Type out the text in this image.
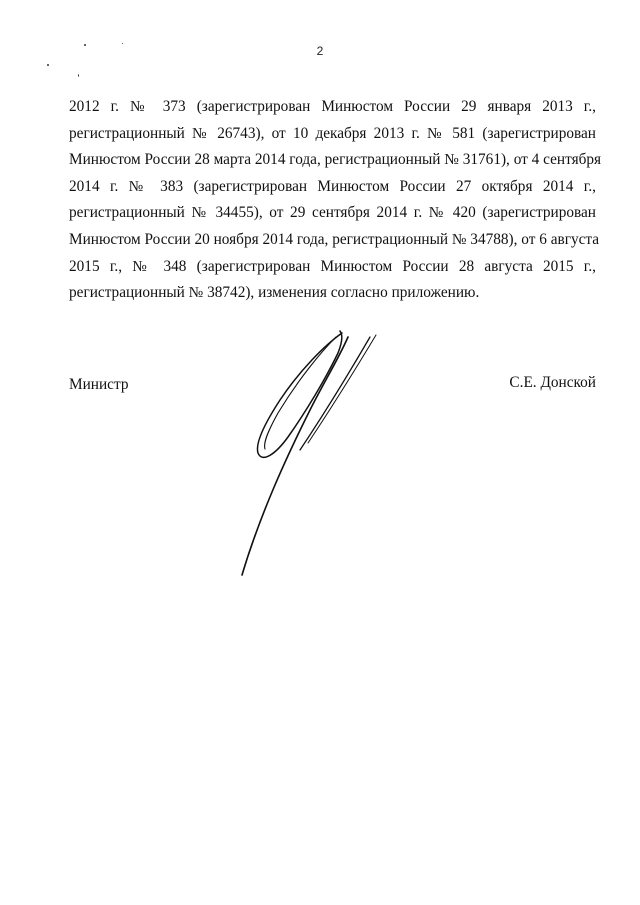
2
2012 г. № 373 (зарегистрирован Минюстом России 29 января 2013 г.,
регистрационный № 26743), от 10 декабря 2013 г. № 581 (зарегистрирован
Минюстом России 28 марта 2014 года, регистрационный № 31761), от 4 сентября
2014 г. № 383 (зарегистрирован Минюстом России 27 октября 2014 г.,
регистрационный № 34455), от 29 сентября 2014 г. № 420 (зарегистрирован
Минюстом России 20 ноября 2014 года, регистрационный № 34788), от 6 августа
2015 г., № 348 (зарегистрирован Минюстом России 28 августа 2015 г.,
регистрационный № 38742), изменения согласно приложению.
Министр	С.Е. Донской
